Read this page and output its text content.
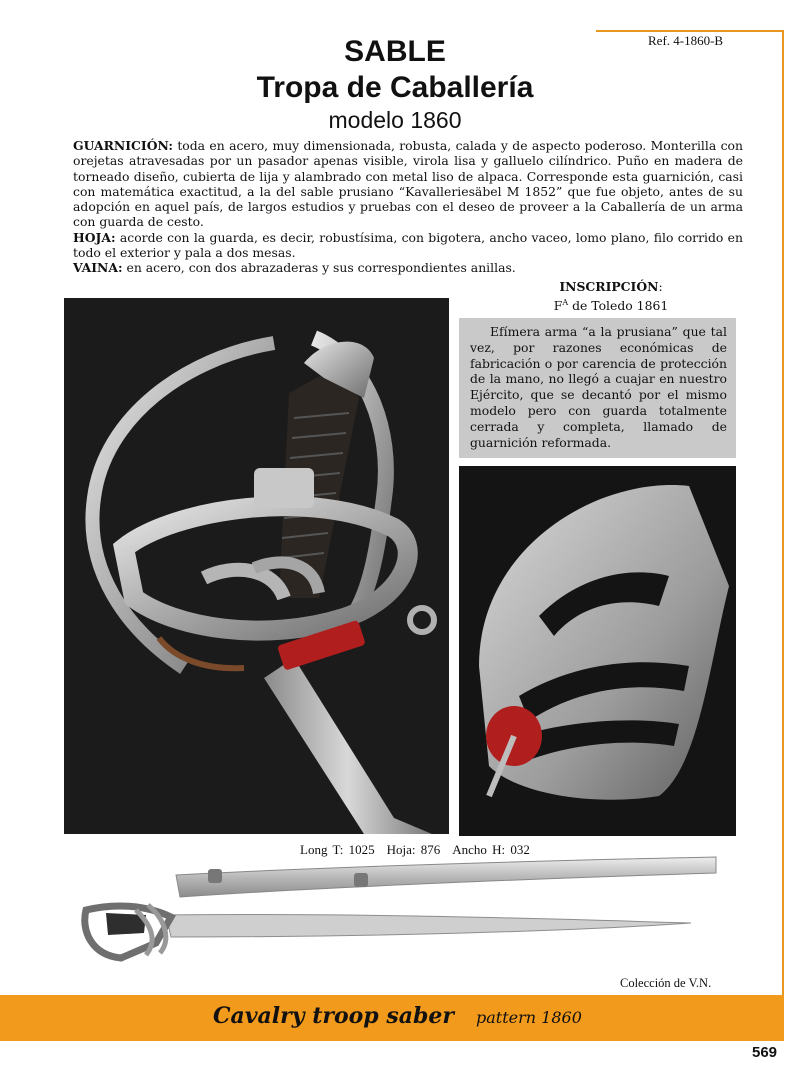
Ref. 4-1860-B
SABLE
Tropa de Caballería
modelo 1860

GUARNICIÓN: toda en acero, muy dimensionada, robusta, calada y de aspecto poderoso. Monterilla con orejetas atravesadas por un pasador apenas visible, virola lisa y galluelo cilíndrico. Puño en madera de torneado diseño, cubierta de lija y alambrado con metal liso de alpaca. Corresponde esta guarnición, casi con matemática exactitud, a la del sable prusiano “Kavalleriesäbel M 1852” que fue objeto, antes de su adopción en aquel país, de largos estudios y pruebas con el deseo de proveer a la Caballería de un arma con guarda de cesto.

HOJA: acorde con la guarda, es decir, robustísima, con bigotera, ancho vaceo, lomo plano, filo corrido en todo el exterior y pala a dos mesas.

VAINA: en acero, con dos abrazaderas y sus correspondientes anillas.

INSCRIPCIÓN:
$F^A$ de Toledo 1861
Efímera arma “a la prusiana” que tal vez, por razones económicas de fabricación o por carencia de protección de la mano, no llegó a cuajar en nuestro Ejército, que se decantó por el mismo modelo pero con guarda totalmente cerrada y completa, llamado de guarnición reformada.
Long T: 1025 Hoja: 876 Ancho H: 032
Colección de V.N.
Cavalry troop saber pattern 1860
569
